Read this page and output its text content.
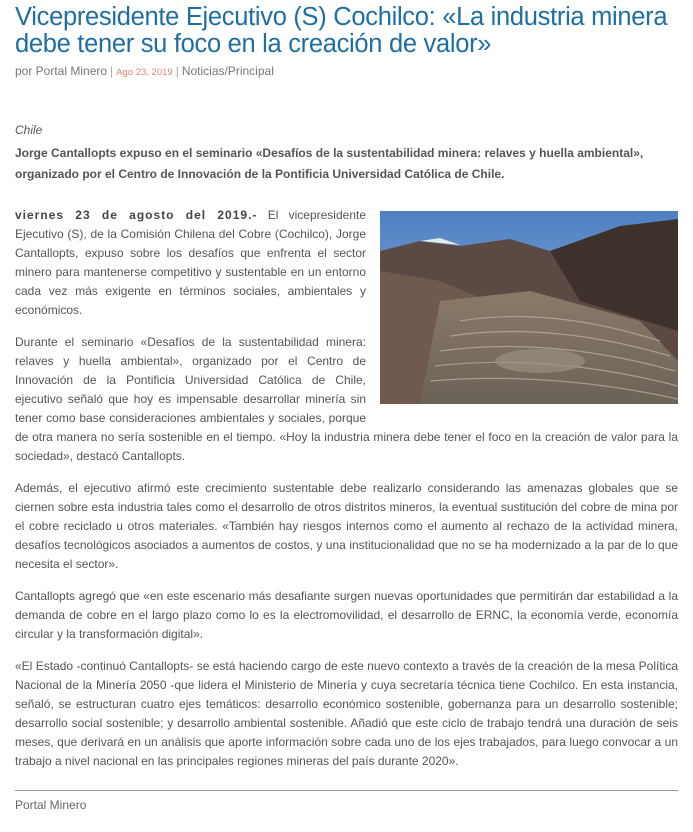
Vicepresidente Ejecutivo (S) Cochilco: «La industria minera debe tener su foco en la creación de valor»
por Portal Minero | Ago 23, 2019 | Noticias/Principal
Chile
Jorge Cantallopts expuso en el seminario «Desafíos de la sustentabilidad minera: relaves y huella ambiental», organizado por el Centro de Innovación de la Pontificia Universidad Católica de Chile.

viernes 23 de agosto del 2019.- El vicepresidente Ejecutivo (S), de la Comisión Chilena del Cobre (Cochilco), Jorge Cantallopts, expuso sobre los desafíos que enfrenta el sector minero para mantenerse competitivo y sustentable en un entorno cada vez más exigente en términos sociales, ambientales y económicos.

Durante el seminario «Desafíos de la sustentabilidad minera: relaves y huella ambiental», organizado por el Centro de Innovación de la Pontificia Universidad Católica de Chile, ejecutivo señaló que hoy es impensable desarrollar minería sin tener como base consideraciones ambientales y sociales, porque de otra manera no sería sostenible en el tiempo. «Hoy la industria minera debe tener el foco en la creación de valor para la sociedad», destacó Cantallopts.

Además, el ejecutivo afirmó este crecimiento sustentable debe realizarlo considerando las amenazas globales que se ciernen sobre esta industria tales como el desarrollo de otros distritos mineros, la eventual sustitución del cobre de mina por el cobre reciclado u otros materiales. «También hay riesgos internos como el aumento al rechazo de la actividad minera, desafíos tecnológicos asociados a aumentos de costos, y una institucionalidad que no se ha modernizado a la par de lo que necesita el sector».

Cantallopts agregó que «en este escenario más desafiante surgen nuevas oportunidades que permitirán dar estabilidad a la demanda de cobre en el largo plazo como lo es la electromovilidad, el desarrollo de ERNC, la economía verde, economía circular y la transformación digital».

«El Estado -continuó Cantallopts- se está haciendo cargo de este nuevo contexto a través de la creación de la mesa Política Nacional de la Minería 2050 -que lidera el Ministerio de Minería y cuya secretaría técnica tiene Cochilco. En esta instancia, señaló, se estructuran cuatro ejes temáticos: desarrollo económico sostenible, gobernanza para un desarrollo sostenible; desarrollo social sostenible; y desarrollo ambiental sostenible. Añadió que este ciclo de trabajo tendrá una duración de seis meses, que derivará en un análisis que aporte información sobre cada uno de los ejes trabajados, para luego convocar a un trabajo a nivel nacional en las principales regiones mineras del país durante 2020».

Portal Minero
